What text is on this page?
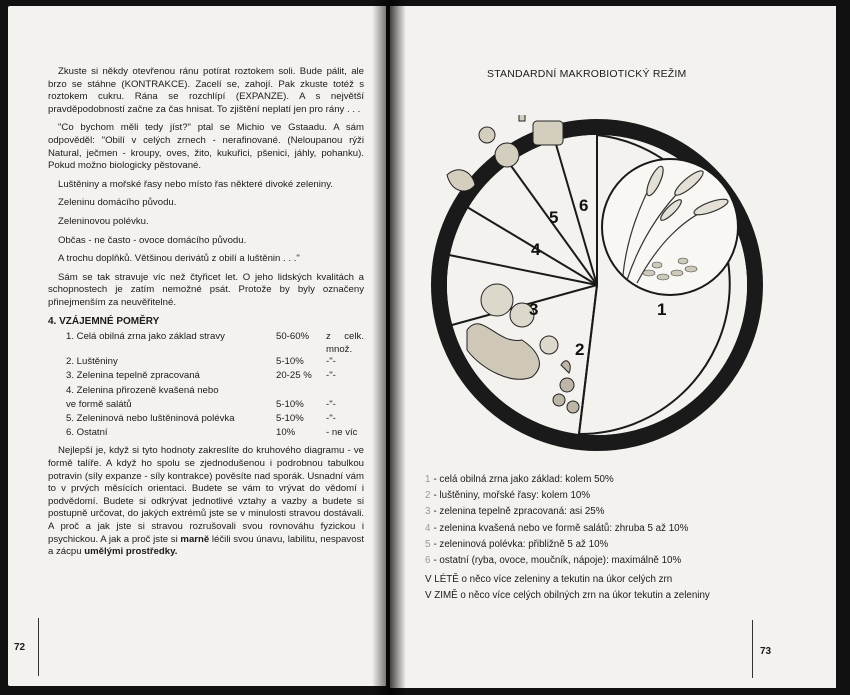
Zkuste si někdy otevřenou ránu potírat roztokem soli. Bude pálit, ale brzo se stáhne (KONTRAKCE). Zacelí se, zahojí. Pak zkuste totéž s roztokem cukru. Rána se rozchlípí (EXPANZE). A s největší pravděpodobností začne za čas hnisat. To zjištění neplatí jen pro rány . . .

"Co bychom měli tedy jíst?" ptal se Michio ve Gstaadu. A sám odpověděl: "Obilí v celých zrnech - nerafinované. (Neloupanou rýži Natural, ječmen - kroupy, oves, žito, kukuřici, pšenici, jáhly, pohanku). Pokud možno biologicky pěstované.

Luštěniny a mořské řasy nebo místo řas některé divoké zeleniny.

Zeleninu domácího původu.

Zeleninovou polévku.

Občas - ne často - ovoce domácího původu.

A trochu doplňků. Většinou derivátů z obilí a luštěnin . . ."

Sám se tak stravuje víc než čtyřicet let. O jeho lidských kvalitách a schopnostech je zatím nemožné psát. Protože by byly označeny přinejmenším za neuvěřitelné.

4. VZÁJEMNÉ POMĚRY
1. Celá obilná zrna jako základ stravy	50-60%	z celk. množ.
2. Luštěniny	5-10%	-"-
3. Zelenina tepelně zpracovaná	20-25 %	-"-
4. Zelenina přirozeně kvašená nebo		
ve formě salátů	5-10%	-"-
5. Zeleninová nebo luštěninová polévka	5-10%	-"-
6. Ostatní	10%	- ne víc

Nejlepší je, když si tyto hodnoty zakreslíte do kruhového diagramu - ve formě talíře. A když ho spolu se zjednodušenou i podrobnou tabulkou potravin (síly expanze - síly kontrakce) pověsíte nad sporák. Usnadní vám to v prvých měsících orientaci. Budete se vám to vrývat do vědomí i podvědomí. Budete si odkrývat jednotlivé vztahy a vazby a budete si postupně určovat, do jakých extrémů jste se v minulosti stravou dostávali. A proč a jak jste si stravou rozrušovali svou rovnováhu fyzickou i psychickou. A jak a proč jste si marně léčili svou únavu, labilitu, nespavost a zácpu umělými prostředky.

72
STANDARDNÍ MAKROBIOTICKÝ REŽIM
1
2
3
4
5
6
1 - celá obilná zrna jako základ: kolem 50%
2 - luštěniny, mořské řasy: kolem 10%
3 - zelenina tepelně zpracovaná: asi 25%
4 - zelenina kvašená nebo ve formě salátů: zhruba 5 až 10%
5 - zeleninová polévka: přibližně 5 až 10%
6 - ostatní (ryba, ovoce, moučník, nápoje): maximálně 10%
V LÉTĚ o něco více zeleniny a tekutin na úkor celých zrn
V ZIMĚ o něco více celých obilných zrn na úkor tekutin a zeleniny
73
